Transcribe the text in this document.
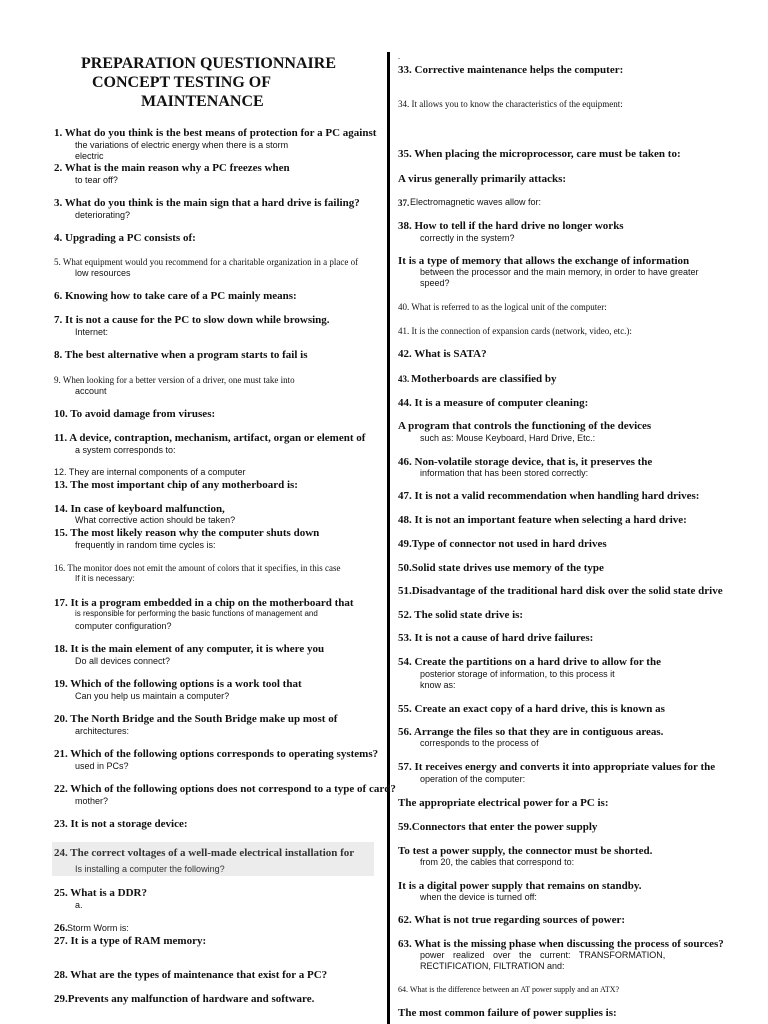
PREPARATION QUESTIONNAIRE
CONCEPT TESTING OF
MAINTENANCE
.
1. What do you think is the best means of protection for a PC against
the variations of electric energy when there is a storm
electric
2. What is the main reason why a PC freezes when
to tear off?
3. What do you think is the main sign that a hard drive is failing?
deteriorating?
4. Upgrading a PC consists of:
5. What equipment would you recommend for a charitable organization in a place of
low resources
6. Knowing how to take care of a PC mainly means:
7. It is not a cause for the PC to slow down while browsing.
Internet:
8. The best alternative when a program starts to fail is
9. When looking for a better version of a driver, one must take into
account
10. To avoid damage from viruses:
11. A device, contraption, mechanism, artifact, organ or element of
a system corresponds to:
12. They are internal components of a computer
13. The most important chip of any motherboard is:
14. In case of keyboard malfunction,
What corrective action should be taken?
15. The most likely reason why the computer shuts down
frequently in random time cycles is:
16. The monitor does not emit the amount of colors that it specifies, in this case
If it is necessary:
17. It is a program embedded in a chip on the motherboard that
is responsible for performing the basic functions of management and
computer configuration?
18. It is the main element of any computer, it is where you
Do all devices connect?
19. Which of the following options is a work tool that
Can you help us maintain a computer?
20. The North Bridge and the South Bridge make up most of
architectures:
21. Which of the following options corresponds to operating systems?
used in PCs?
22. Which of the following options does not correspond to a type of card?
mother?
23. It is not a storage device:
24. The correct voltages of a well-made electrical installation for
Is installing a computer the following?
25. What is a DDR?
a.
26. Storm Worm is:
27. It is a type of RAM memory:
28. What are the types of maintenance that exist for a PC?
29.Prevents any malfunction of hardware and software.
33. Corrective maintenance helps the computer:
34. It allows you to know the characteristics of the equipment:
35. When placing the microprocessor, care must be taken to:
A virus generally primarily attacks:
37. Electromagnetic waves allow for:
38. How to tell if the hard drive no longer works
correctly in the system?
It is a type of memory that allows the exchange of information
between the processor and the main memory, in order to have greater
speed?
40. What is referred to as the logical unit of the computer:
41. It is the connection of expansion cards (network, video, etc.):
42. What is SATA?
43. Motherboards are classified by
44. It is a measure of computer cleaning:
A program that controls the functioning of the devices
such as: Mouse Keyboard, Hard Drive, Etc.:
46. Non-volatile storage device, that is, it preserves the
information that has been stored correctly:
47. It is not a valid recommendation when handling hard drives:
48. It is not an important feature when selecting a hard drive:
49.Type of connector not used in hard drives
50.Solid state drives use memory of the type
51.Disadvantage of the traditional hard disk over the solid state drive
52. The solid state drive is:
53. It is not a cause of hard drive failures:
54. Create the partitions on a hard drive to allow for the
posterior storage of information, to this process it
know as:
55. Create an exact copy of a hard drive, this is known as
56. Arrange the files so that they are in contiguous areas.
corresponds to the process of
57. It receives energy and converts it into appropriate values for the
operation of the computer:
The appropriate electrical power for a PC is:
59.Connectors that enter the power supply
To test a power supply, the connector must be shorted.
from 20, the cables that correspond to:
It is a digital power supply that remains on standby.
when the device is turned off:
62. What is not true regarding sources of power:
63. What is the missing phase when discussing the process of sources?
power realized over the current: TRANSFORMATION,
RECTIFICATION, FILTRATION and:
64. What is the difference between an AT power supply and an ATX?
The most common failure of power supplies is:
